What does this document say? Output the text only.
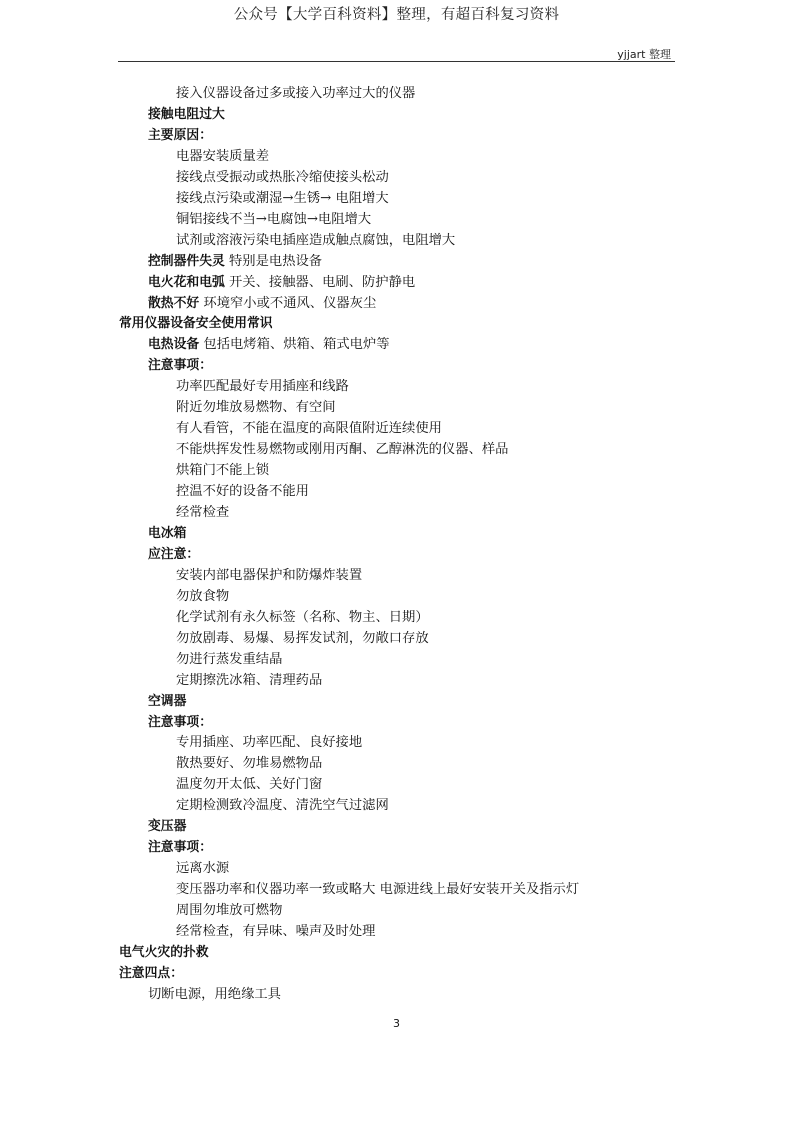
公众号【大学百科资料】整理，有超百科复习资料
yjjart 整理
接入仪器设备过多或接入功率过大的仪器
接触电阻过大
主要原因：
电器安装质量差
接线点受振动或热胀冷缩使接头松动
接线点污染或潮湿→生锈→ 电阻增大
铜铝接线不当→电腐蚀→电阻增大
试剂或溶液污染电插座造成触点腐蚀，电阻增大
控制器件失灵 特别是电热设备
电火花和电弧 开关、接触器、电刷、防护静电
散热不好 环境窄小或不通风、仪器灰尘
常用仪器设备安全使用常识
电热设备 包括电烤箱、烘箱、箱式电炉等
注意事项：
功率匹配最好专用插座和线路
附近勿堆放易燃物、有空间
有人看管，不能在温度的高限值附近连续使用
不能烘挥发性易燃物或刚用丙酮、乙醇淋洗的仪器、样品
烘箱门不能上锁
控温不好的设备不能用
经常检查
电冰箱
应注意：
安装内部电器保护和防爆炸装置
勿放食物
化学试剂有永久标签（名称、物主、日期）
勿放剧毒、易爆、易挥发试剂，勿敞口存放
勿进行蒸发重结晶
定期擦洗冰箱、清理药品
空调器
注意事项：
专用插座、功率匹配、良好接地
散热要好、勿堆易燃物品
温度勿开太低、关好门窗
定期检测致冷温度、清洗空气过滤网
变压器
注意事项：
远离水源
变压器功率和仪器功率一致或略大 电源进线上最好安装开关及指示灯
周围勿堆放可燃物
经常检查，有异味、噪声及时处理
电气火灾的扑救
注意四点：
切断电源，用绝缘工具
3
